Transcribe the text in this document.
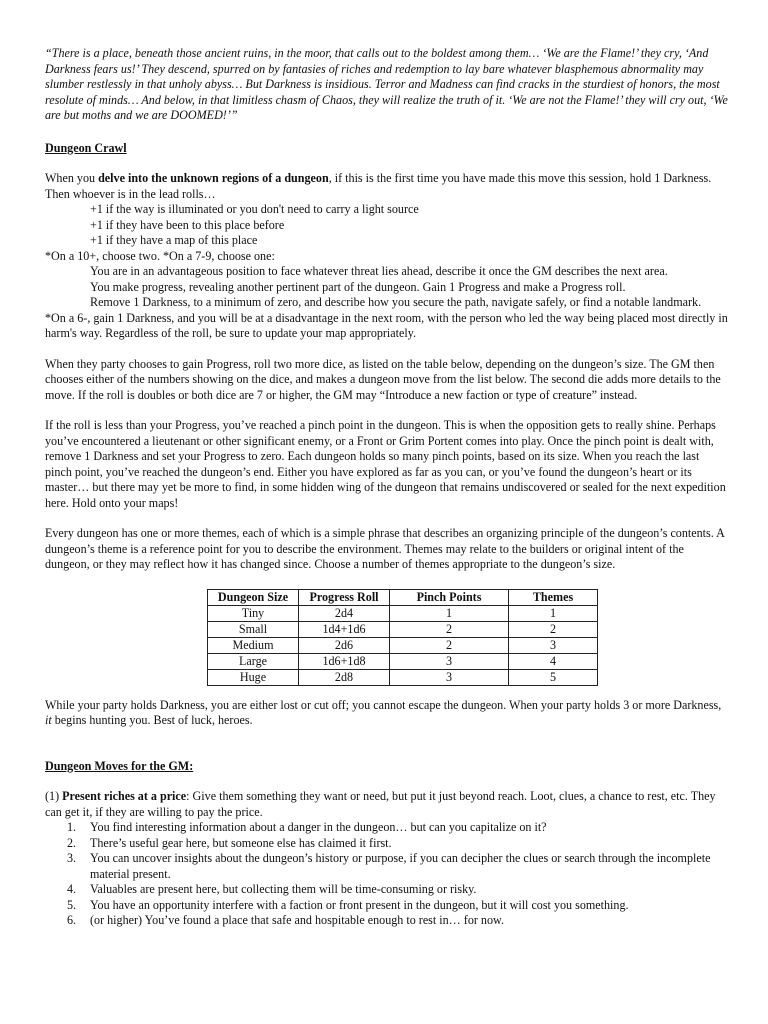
“There is a place, beneath those ancient ruins, in the moor, that calls out to the boldest among them… ‘We are the Flame!’ they cry, ‘And Darkness fears us!’ They descend, spurred on by fantasies of riches and redemption to lay bare whatever blasphemous abnormality may slumber restlessly in that unholy abyss… But Darkness is insidious. Terror and Madness can find cracks in the sturdiest of honors, the most resolute of minds… And below, in that limitless chasm of Chaos, they will realize the truth of it. ‘We are not the Flame!’ they will cry out, ‘We are but moths and we are DOOMED!’”

Dungeon Crawl

When you delve into the unknown regions of a dungeon, if this is the first time you have made this move this session, hold 1 Darkness. Then whoever is in the lead rolls…

+1 if the way is illuminated or you don't need to carry a light source

+1 if they have been to this place before

+1 if they have a map of this place

*On a 10+, choose two. *On a 7-9, choose one:

You are in an advantageous position to face whatever threat lies ahead, describe it once the GM describes the next area.

You make progress, revealing another pertinent part of the dungeon. Gain 1 Progress and make a Progress roll.

Remove 1 Darkness, to a minimum of zero, and describe how you secure the path, navigate safely, or find a notable landmark.

*On a 6-, gain 1 Darkness, and you will be at a disadvantage in the next room, with the person who led the way being placed most directly in harm's way. Regardless of the roll, be sure to update your map appropriately.

When they party chooses to gain Progress, roll two more dice, as listed on the table below, depending on the dungeon’s size. The GM then chooses either of the numbers showing on the dice, and makes a dungeon move from the list below. The second die adds more details to the move. If the roll is doubles or both dice are 7 or higher, the GM may “Introduce a new faction or type of creature” instead.

If the roll is less than your Progress, you’ve reached a pinch point in the dungeon. This is when the opposition gets to really shine. Perhaps you’ve encountered a lieutenant or other significant enemy, or a Front or Grim Portent comes into play. Once the pinch point is dealt with, remove 1 Darkness and set your Progress to zero. Each dungeon holds so many pinch points, based on its size. When you reach the last pinch point, you’ve reached the dungeon’s end. Either you have explored as far as you can, or you’ve found the dungeon’s heart or its master… but there may yet be more to find, in some hidden wing of the dungeon that remains undiscovered or sealed for the next expedition here. Hold onto your maps!

Every dungeon has one or more themes, each of which is a simple phrase that describes an organizing principle of the dungeon’s contents. A dungeon’s theme is a reference point for you to describe the environment. Themes may relate to the builders or original intent of the dungeon, or they may reflect how it has changed since. Choose a number of themes appropriate to the dungeon’s size.

Dungeon Size	Progress Roll	Pinch Points	Themes
Tiny	2d4	1	1
Small	1d4+1d6	2	2
Medium	2d6	2	3
Large	1d6+1d8	3	4
Huge	2d8	3	5

While your party holds Darkness, you are either lost or cut off; you cannot escape the dungeon. When your party holds 3 or more Darkness, it begins hunting you. Best of luck, heroes.

Dungeon Moves for the GM:

(1) Present riches at a price: Give them something they want or need, but put it just beyond reach. Loot, clues, a chance to rest, etc. They can get it, if they are willing to pay the price.

1. You find interesting information about a danger in the dungeon… but can you capitalize on it?
2. There’s useful gear here, but someone else has claimed it first.
3. You can uncover insights about the dungeon’s history or purpose, if you can decipher the clues or search through the incomplete material present.
4. Valuables are present here, but collecting them will be time-consuming or risky.
5. You have an opportunity interfere with a faction or front present in the dungeon, but it will cost you something.
6. (or higher) You’ve found a place that safe and hospitable enough to rest in… for now.
